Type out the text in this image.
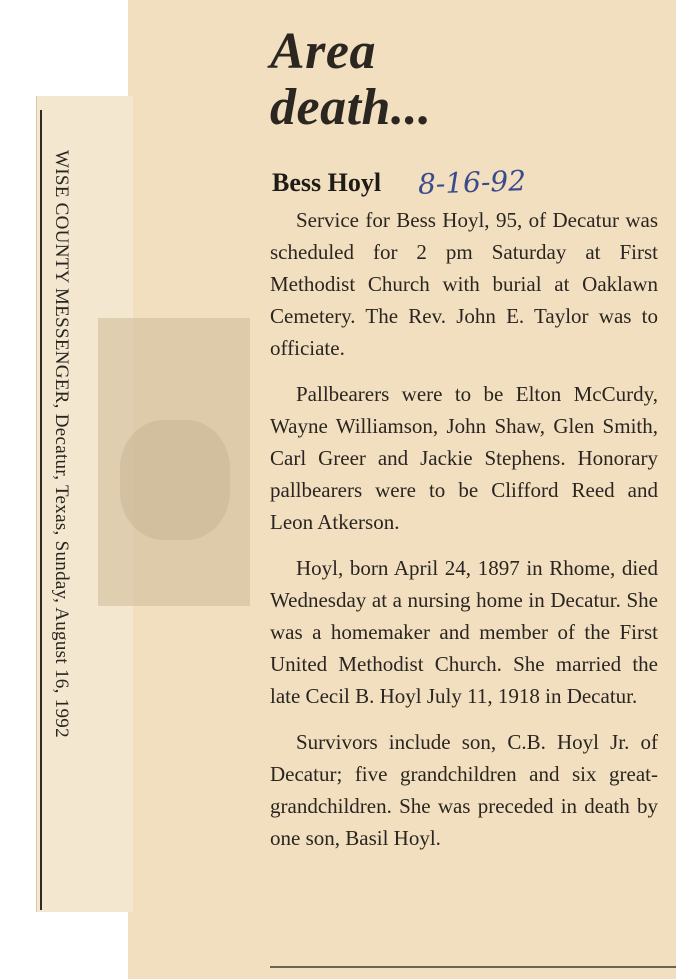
WISE COUNTY MESSENGER, Decatur, Texas, Sunday, August 16, 1992
Area
death...
Bess Hoyl 8-16-92

Service for Bess Hoyl, 95, of Decatur was scheduled for 2 pm Saturday at First Methodist Church with burial at Oaklawn Cemetery. The Rev. John E. Taylor was to officiate.

Pallbearers were to be Elton McCurdy, Wayne Williamson, John Shaw, Glen Smith, Carl Greer and Jackie Stephens. Honorary pallbearers were to be Clifford Reed and Leon Atkerson.

Hoyl, born April 24, 1897 in Rhome, died Wednesday at a nursing home in Decatur. She was a homemaker and member of the First United Methodist Church. She married the late Cecil B. Hoyl July 11, 1918 in Decatur.

Survivors include son, C.B. Hoyl Jr. of Decatur; five grandchildren and six great-grandchildren. She was preceded in death by one son, Basil Hoyl.
